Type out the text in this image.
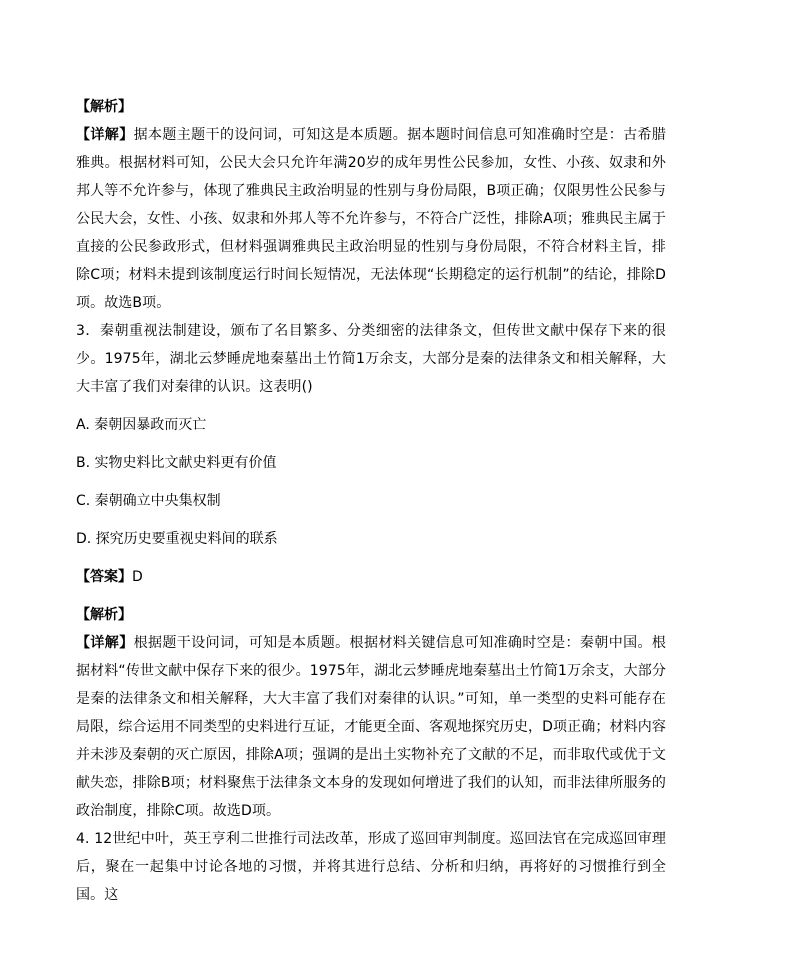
【解析】

【详解】据本题主题干的设问词，可知这是本质题。据本题时间信息可知准确时空是：古希腊雅典。根据材料可知，公民大会只允许年满20岁的成年男性公民参加，女性、小孩、奴隶和外邦人等不允许参与，体现了雅典民主政治明显的性别与身份局限，B项正确；仅限男性公民参与公民大会，女性、小孩、奴隶和外邦人等不允许参与，不符合广泛性，排除A项；雅典民主属于直接的公民参政形式，但材料强调雅典民主政治明显的性别与身份局限，不符合材料主旨，排除C项；材料未提到该制度运行时间长短情况，无法体现“长期稳定的运行机制”的结论，排除D项。故选B项。

3．秦朝重视法制建设，颁布了名目繁多、分类细密的法律条文，但传世文献中保存下来的很少。1975年，湖北云梦睡虎地秦墓出土竹简1万余支，大部分是秦的法律条文和相关解释，大大丰富了我们对秦律的认识。这表明()

A. 秦朝因暴政而灭亡

B. 实物史料比文献史料更有价值

C. 秦朝确立中央集权制

D. 探究历史要重视史料间的联系

【答案】D

【解析】

【详解】根据题干设问词，可知是本质题。根据材料关键信息可知准确时空是：秦朝中国。根据材料“传世文献中保存下来的很少。1975年，湖北云梦睡虎地秦墓出土竹简1万余支，大部分是秦的法律条文和相关解释，大大丰富了我们对秦律的认识。”可知，单一类型的史料可能存在局限，综合运用不同类型的史料进行互证，才能更全面、客观地探究历史，D项正确；材料内容并未涉及秦朝的灭亡原因，排除A项；强调的是出土实物补充了文献的不足，而非取代或优于文献失恋，排除B项；材料聚焦于法律条文本身的发现如何增进了我们的认知，而非法律所服务的政治制度，排除C项。故选D项。

4. 12世纪中叶，英王亨利二世推行司法改革，形成了巡回审判制度。巡回法官在完成巡回审理后，聚在一起集中讨论各地的习惯，并将其进行总结、分析和归纳，再将好的习惯推行到全国。这
